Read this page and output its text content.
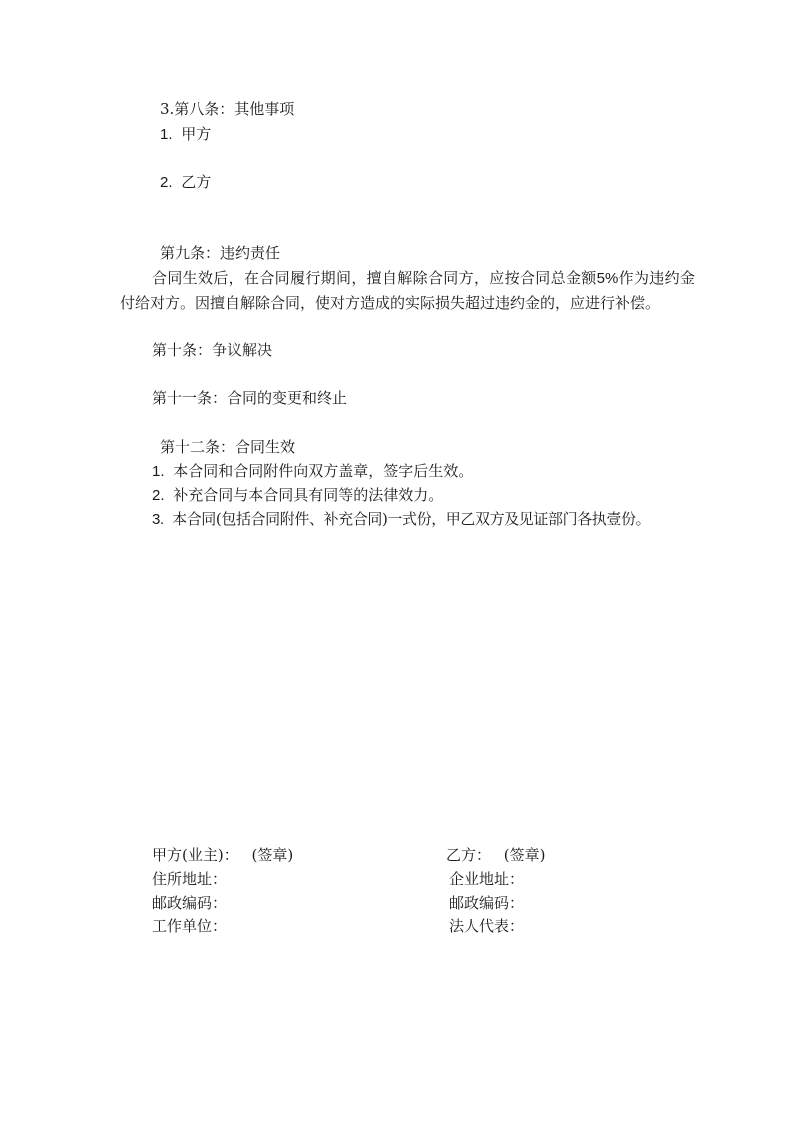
3.第八条：其他事项
1. 甲方
2. 乙方
第九条：违约责任
合同生效后，在合同履行期间，擅自解除合同方，应按合同总金额5%作为违约金付给对方。因擅自解除合同，使对方造成的实际损失超过违约金的，应进行补偿。
第十条：争议解决
第十一条：合同的变更和终止
第十二条：合同生效
1. 本合同和合同附件向双方盖章，签字后生效。
2. 补充合同与本合同具有同等的法律效力。
3. 本合同(包括合同附件、补充合同)一式份，甲乙双方及见证部门各执壹份。
甲方(业主)： (签章)
住所地址：
邮政编码：
工作单位：
乙方： (签章)
企业地址：
邮政编码：
法人代表：
